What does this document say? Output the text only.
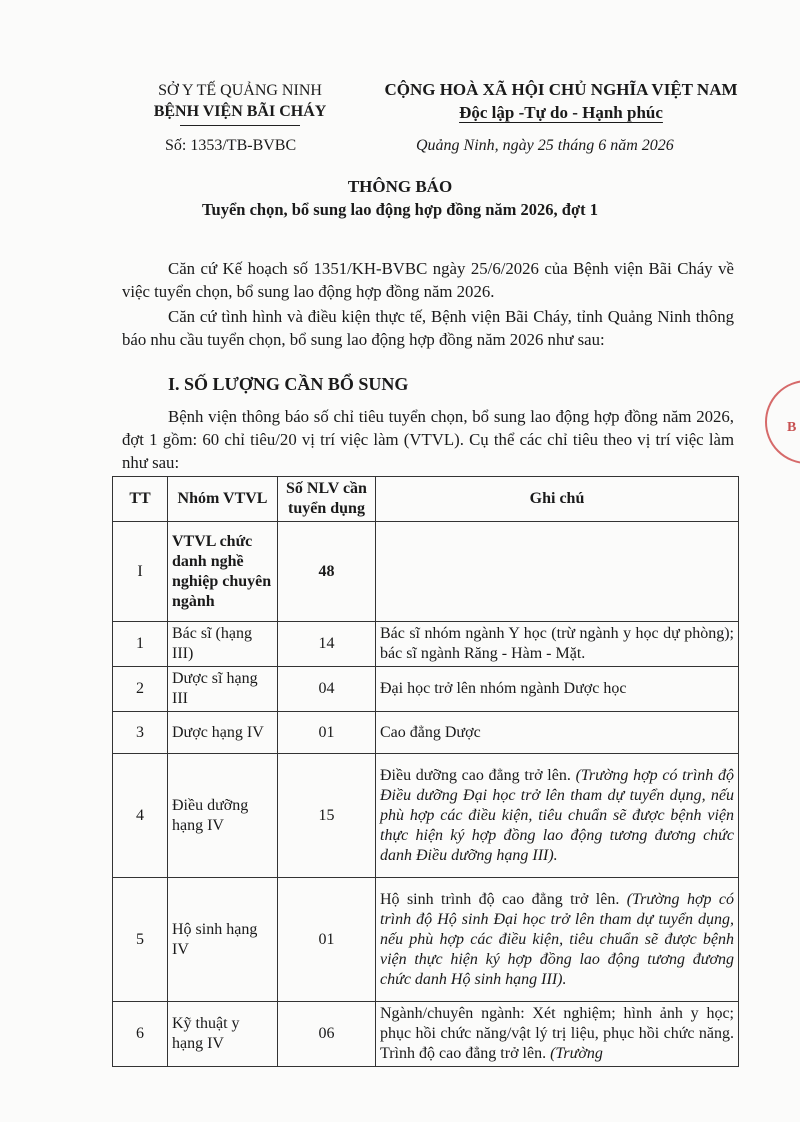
SỞ Y TẾ QUẢNG NINH
BỆNH VIỆN BÃI CHÁY
CỘNG HOÀ XÃ HỘI CHỦ NGHĨA VIỆT NAM
Độc lập -Tự do - Hạnh phúc
Số: 1353/TB-BVBC	Quảng Ninh, ngày 25 tháng 6 năm 2026
THÔNG BÁO
Tuyển chọn, bổ sung lao động hợp đồng năm 2026, đợt 1
Căn cứ Kế hoạch số 1351/KH-BVBC ngày 25/6/2026 của Bệnh viện Bãi Cháy về việc tuyển chọn, bổ sung lao động hợp đồng năm 2026.
Căn cứ tình hình và điều kiện thực tế, Bệnh viện Bãi Cháy, tỉnh Quảng Ninh thông báo nhu cầu tuyển chọn, bổ sung lao động hợp đồng năm 2026 như sau:
I. SỐ LƯỢNG CẦN BỔ SUNG
Bệnh viện thông báo số chỉ tiêu tuyển chọn, bổ sung lao động hợp đồng năm 2026, đợt 1 gồm: 60 chỉ tiêu/20 vị trí việc làm (VTVL). Cụ thể các chỉ tiêu theo vị trí việc làm như sau:
TT	Nhóm VTVL	Số NLV cần tuyển dụng	Ghi chú
I	VTVL chức danh nghề nghiệp chuyên ngành	48	
1	Bác sĩ (hạng III)	14	Bác sĩ nhóm ngành Y học (trừ ngành y học dự phòng); bác sĩ ngành Răng - Hàm - Mặt.
2	Dược sĩ hạng III	04	Đại học trở lên nhóm ngành Dược học
3	Dược hạng IV	01	Cao đẳng Dược
4	Điều dưỡng hạng IV	15	Điều dưỡng cao đẳng trở lên. (Trường hợp có trình độ Điều dưỡng Đại học trở lên tham dự tuyển dụng, nếu phù hợp các điều kiện, tiêu chuẩn sẽ được bệnh viện thực hiện ký hợp đồng lao động tương đương chức danh Điều dưỡng hạng III).
5	Hộ sinh hạng IV	01	Hộ sinh trình độ cao đẳng trở lên. (Trường hợp có trình độ Hộ sinh Đại học trở lên tham dự tuyển dụng, nếu phù hợp các điều kiện, tiêu chuẩn sẽ được bệnh viện thực hiện ký hợp đồng lao động tương đương chức danh Hộ sinh hạng III).
6	Kỹ thuật y hạng IV	06	Ngành/chuyên ngành: Xét nghiệm; hình ảnh y học; phục hồi chức năng/vật lý trị liệu, phục hồi chức năng. Trình độ cao đẳng trở lên. (Trường
B
